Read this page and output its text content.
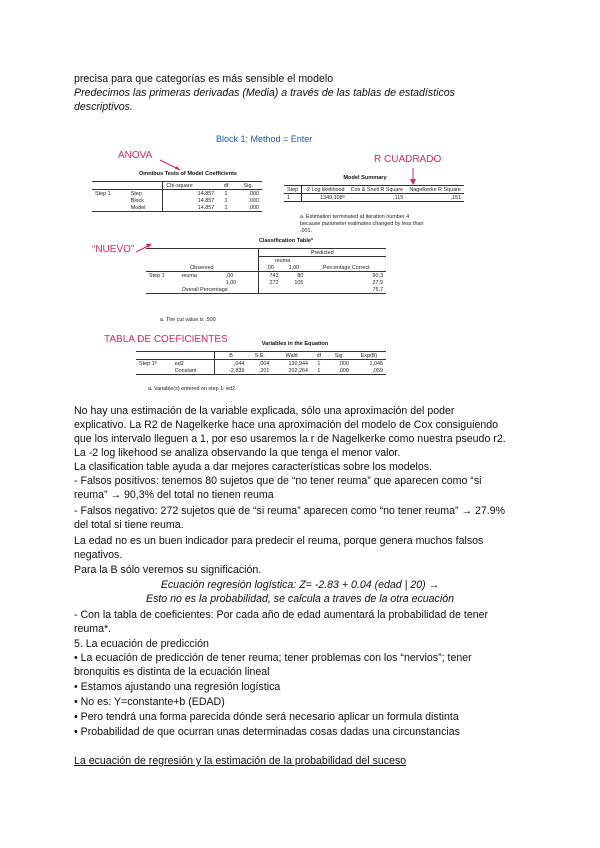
precisa para que categorías es más sensible el modelo
Predecimos las primeras derivadas (Media) a través de las tablas de estadísticos
descriptivos.
Block 1: Method = Enter
ANOVA	R CUADRADO
“NUEVO”
TABLA DE COEFICIENTES
Omnibus Tests of Model Coefficients
		Chi-square	df	Sig.
Step 1	Step	14.857	1	.000
	Block	14.857	1	.000
	Model	14.857	1	.000
Model Summary
Step	-2 Log likelihood	Cox & Snell R Square	Nagelkerke R Square
1	1349,108ª	,115	,151
a. Estimation terminated at iteration number 4
because parameter estimates changed by less than
.001.
Classification Tableª
			Predicted		
			reuma		
Observed			,00	1,00	Percentage Correct
Step 1	reuma	,00	743	80	90,3
		1,00	272	105	27,9
	Overall Percentage				75,7
a. The cut value is ,500
Variables in the Equation
		B	S.E.	Wald	df	Sig.	Exp(B)
Step 1ª	ed2	,044	,004	130,944	1	,000	1,045
	Constant	-2,839	,201	202,264	1	,000	,059
a. Variable(s) entered on step 1: ed2.
No hay una estimación de la variable explicada, sólo una aproximación del poder
explicativo. La R2 de Nagelkerke hace una aproximación del modelo de Cox consiguiendo
que los intervalo lleguen a 1, por eso usaremos la r de Nagelkerke como nuestra pseudo r2.
La -2 log likehood se analiza observando la que tenga el menor valor.
La clasification table ayuda a dar mejores características sobre los modelos.
- Falsos positivos: tenemos 80 sujetos que de “no tener reuma” que aparecen como “si
reuma” → 90,3% del total no tienen reuma
- Falsos negativo: 272 sujetos que de “si reuma” aparecen como “no tener reuma” → 27.9%
del total si tiene reuma.
La edad no es un buen indicador para predecir el reuma, porque genera muchos falsos
negativos.
Para la B sólo veremos su significación.
Ecuación regresión logística: Z= -2.83 + 0.04 (edad | 20) →
Esto no es la probabilidad, se calcula a traves de la otra ecuación
- Con la tabla de coeficientes: Por cada año de edad aumentará la probabilidad de tener
reuma*.
5. La ecuación de predicción
• La ecuación de predicción de tener reuma; tener problemas con los “nervios”; tener
bronquitis es distinta de la ecuación lineal
• Estamos ajustando una regresión logística
• No es: Y=constante+b (EDAD)
• Pero tendrá una forma parecida dónde será necesario aplicar un formula distinta
• Probabilidad de que ocurran unas determinadas cosas dadas una circunstancias
La ecuación de regresión y la estimación de la probabilidad del suceso
